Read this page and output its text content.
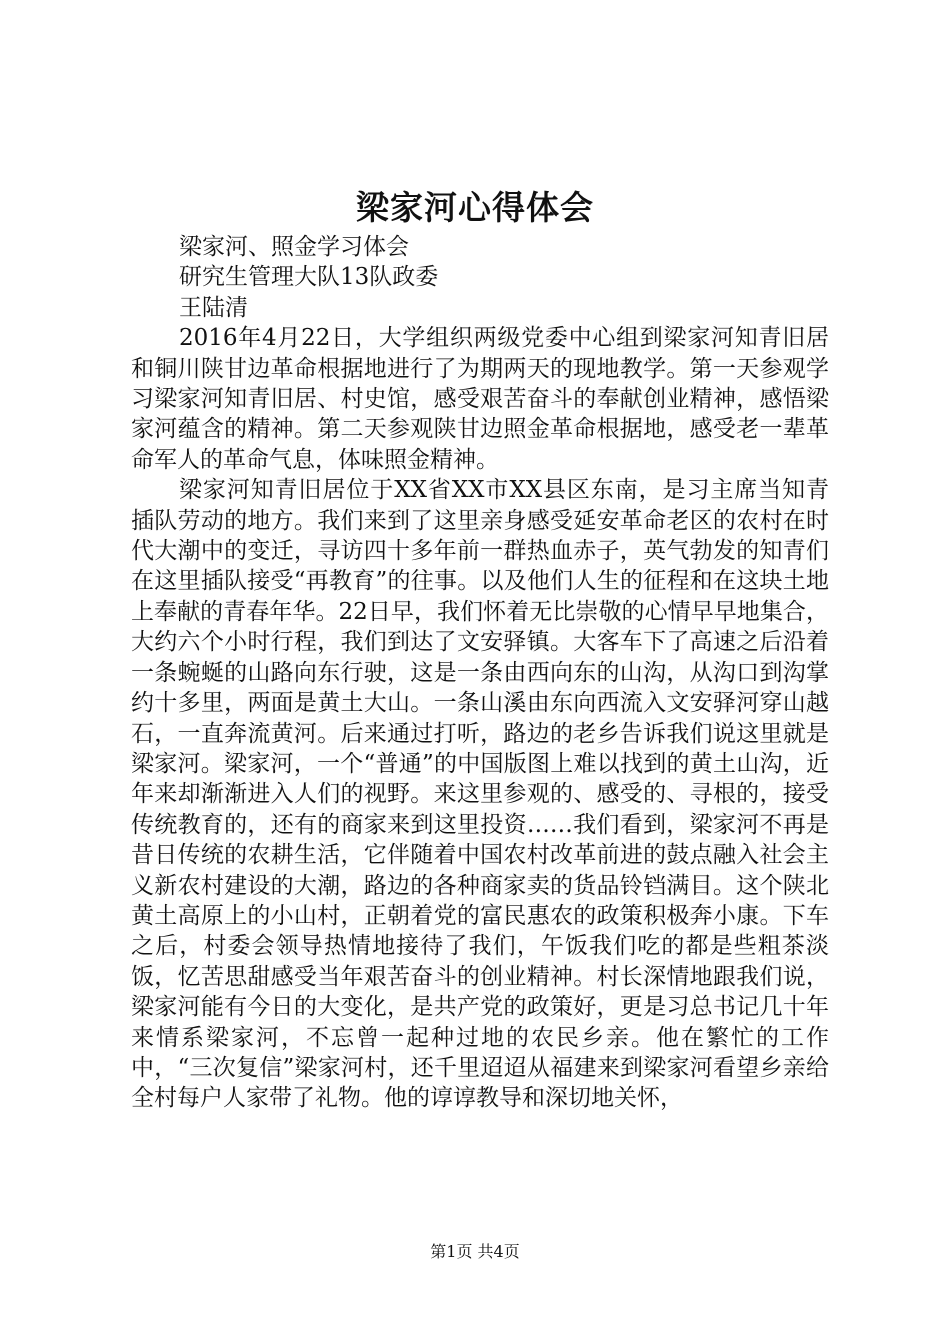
梁家河心得体会

梁家河、照金学习体会

研究生管理大队13队政委

王陆清

2016年4月22日，大学组织两级党委中心组到梁家河知青旧居和铜川陕甘边革命根据地进行了为期两天的现地教学。第一天参观学习梁家河知青旧居、村史馆，感受艰苦奋斗的奉献创业精神，感悟梁家河蕴含的精神。第二天参观陕甘边照金革命根据地，感受老一辈革命军人的革命气息，体味照金精神。

梁家河知青旧居位于XX省XX市XX县区东南，是习主席当知青插队劳动的地方。我们来到了这里亲身感受延安革命老区的农村在时代大潮中的变迁，寻访四十多年前一群热血赤子，英气勃发的知青们在这里插队接受“再教育”的往事。以及他们人生的征程和在这块土地上奉献的青春年华。22日早，我们怀着无比崇敬的心情早早地集合，大约六个小时行程，我们到达了文安驿镇。大客车下了高速之后沿着一条蜿蜒的山路向东行驶，这是一条由西向东的山沟，从沟口到沟掌约十多里，两面是黄土大山。一条山溪由东向西流入文安驿河穿山越石，一直奔流黄河。后来通过打听，路边的老乡告诉我们说这里就是梁家河。梁家河，一个“普通”的中国版图上难以找到的黄土山沟，近年来却渐渐进入人们的视野。来这里参观的、感受的、寻根的，接受传统教育的，还有的商家来到这里投资……我们看到，梁家河不再是昔日传统的农耕生活，它伴随着中国农村改革前进的鼓点融入社会主义新农村建设的大潮，路边的各种商家卖的货品铃铛满目。这个陕北黄土高原上的小山村，正朝着党的富民惠农的政策积极奔小康。下车之后，村委会领导热情地接待了我们，午饭我们吃的都是些粗茶淡饭，忆苦思甜感受当年艰苦奋斗的创业精神。村长深情地跟我们说，梁家河能有今日的大变化，是共产党的政策好，更是习总书记几十年来情系梁家河，不忘曾一起种过地的农民乡亲。他在繁忙的工作中，“三次复信”梁家河村，还千里迢迢从福建来到梁家河看望乡亲给全村每户人家带了礼物。他的谆谆教导和深切地关怀，

第1页 共4页
